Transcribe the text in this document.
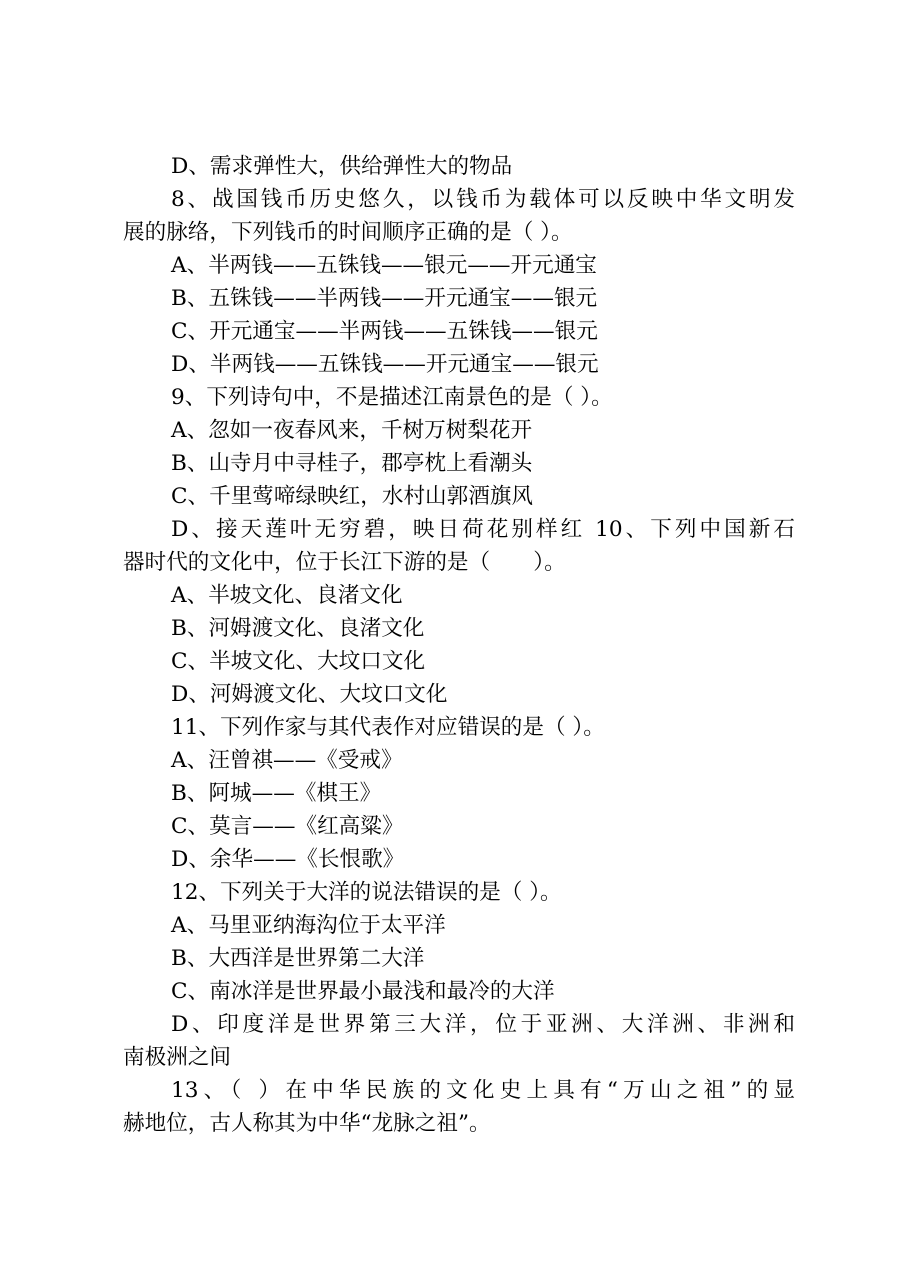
D、需求弹性大，供给弹性大的物品
8、战国钱币历史悠久，以钱币为载体可以反映中华文明发
展的脉络，下列钱币的时间顺序正确的是（ ）。
A、半两钱——五铢钱——银元——开元通宝
B、五铢钱——半两钱——开元通宝——银元
C、开元通宝——半两钱——五铢钱——银元
D、半两钱——五铢钱——开元通宝——银元
9、下列诗句中，不是描述江南景色的是（ ）。
A、忽如一夜春风来，千树万树梨花开
B、山寺月中寻桂子，郡亭枕上看潮头
C、千里莺啼绿映红，水村山郭酒旗风
D、接天莲叶无穷碧，映日荷花别样红 10、下列中国新石
器时代的文化中，位于长江下游的是（　　）。
A、半坡文化、良渚文化
B、河姆渡文化、良渚文化
C、半坡文化、大坟口文化
D、河姆渡文化、大坟口文化
11、下列作家与其代表作对应错误的是（ ）。
A、汪曾祺——《受戒》
B、阿城——《棋王》
C、莫言——《红高粱》
D、余华——《长恨歌》
12、下列关于大洋的说法错误的是（ ）。
A、马里亚纳海沟位于太平洋
B、大西洋是世界第二大洋
C、南冰洋是世界最小最浅和最冷的大洋
D、印度洋是世界第三大洋，位于亚洲、大洋洲、非洲和
南极洲之间
13、（ ）在中华民族的文化史上具有“万山之祖”的显
赫地位，古人称其为中华“龙脉之祖”。
